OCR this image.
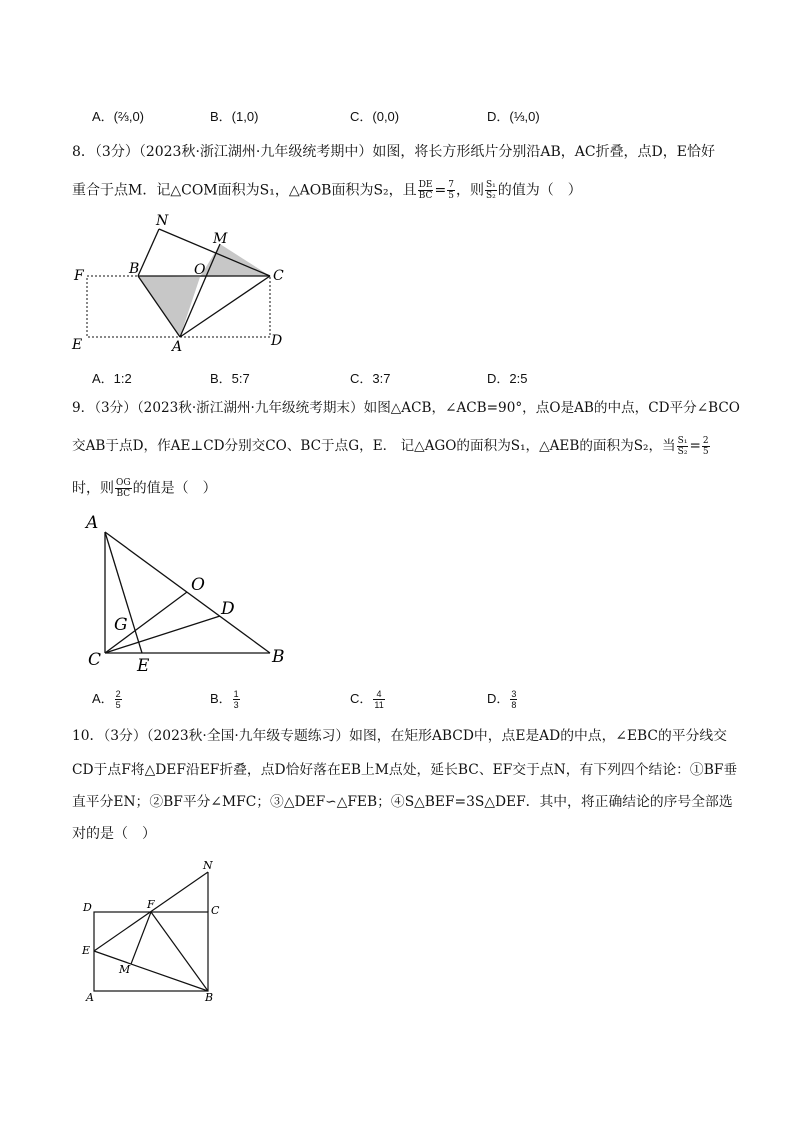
A．(⅔,0)	B．(1,0)	C．(0,0)	D．(⅓,0)
8．（3分）（2023秋·浙江湖州·九年级统考期中）如图，将长方形纸片分别沿AB，AC折叠，点D，E恰好
重合于点M．记△COM面积为S₁，△AOB面积为S₂，且 $\frac{DE}{BC} = \frac{7}{5}$ ，则 $\frac{\text{S₁}}{\text{S₂}}$ 的值为（　）
N
M
F	B	O	C
E	A	D
A．1:2	B．5:7	C．3:7	D．2:5
9．（3分）（2023秋·浙江湖州·九年级统考期末）如图△ACB，∠ACB=90°，点O是AB的中点，CD平分∠BCO
交AB于点D，作AE⊥CD分别交CO、BC于点G，E． 记△AGO的面积为S₁，△AEB的面积为S₂，当 $\frac{\text{S₁}}{\text{S₂}} = \frac{2}{5}$
时，则 $\frac{OG}{BC}$ 的值是（　）
A
O
D
G
C E	B
A． $\frac{2}{5}$	B． $\frac{1}{3}$	C． $\frac{4}{11}$	D． $\frac{3}{8}$
10．（3分）（2023秋·全国·九年级专题练习）如图，在矩形ABCD中，点E是AD的中点，∠EBC的平分线交
CD于点F将△DEF沿EF折叠，点D恰好落在EB上M点处，延长BC、EF交于点N，有下列四个结论：①BF垂
直平分EN；②BF平分∠MFC；③△DEF∽△FEB；④S△BEF=3S△DEF．其中，将正确结论的序号全部选
对的是（　）
N
D	F	C
E
M
A	B
